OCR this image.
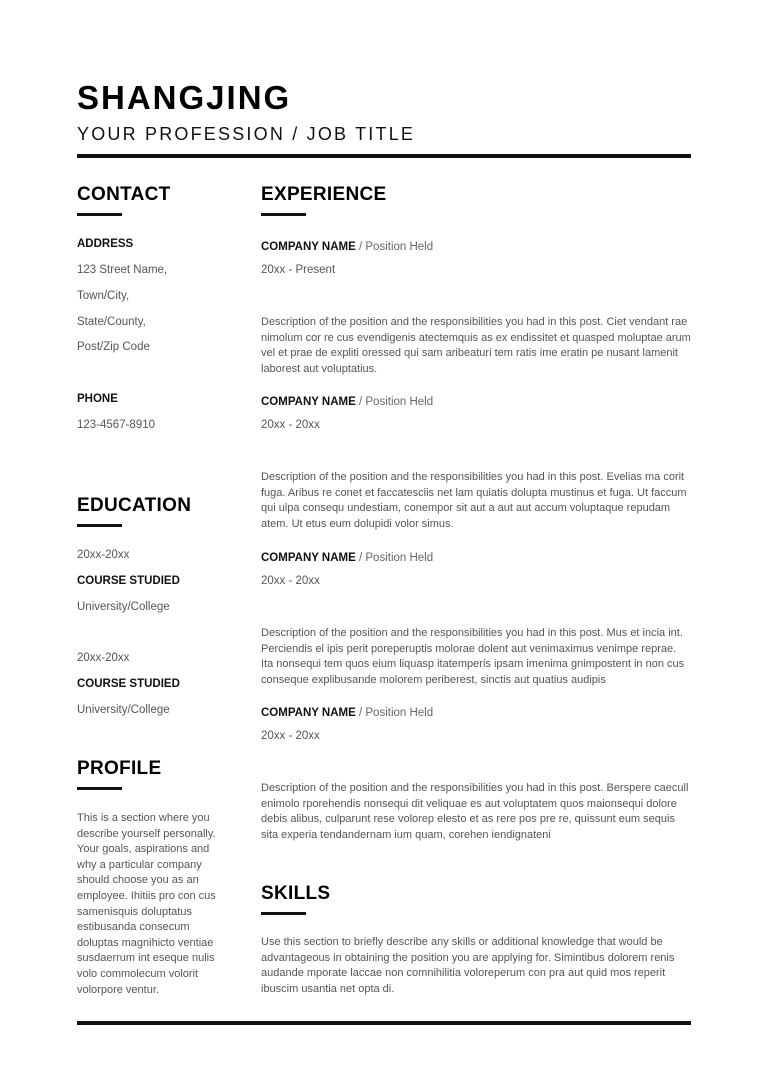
SHANGJING
YOUR PROFESSION / JOB TITLE
CONTACT
ADDRESS
123 Street Name,
Town/City,
State/County,
Post/Zip Code
PHONE
123-4567-8910
EDUCATION
20xx-20xx
COURSE STUDIED
University/College
20xx-20xx
COURSE STUDIED
University/College
PROFILE
This is a section where you describe yourself personally. Your goals, aspirations and why a particular company should choose you as an employee. Ihitiis pro con cus samenisquis doluptatus estibusanda consecum doluptas magnihicto ventiae susdaerrum int eseque nulis volo commolecum volorit volorpore ventur.
EXPERIENCE
COMPANY NAME / Position Held
20xx - Present
Description of the position and the responsibilities you had in this post. Ciet vendant rae nimolum cor re cus evendigenis atectemquis as ex endissitet et quasped moluptae arum vel et prae de expliti oressed qui sam aribeaturi tem ratis ime eratin pe nusant lamenit laborest aut voluptatius.
COMPANY NAME / Position Held
20xx - 20xx
Description of the position and the responsibilities you had in this post. Evelias ma corit fuga. Aribus re conet et faccatesciis net lam quiatis dolupta mustinus et fuga. Ut faccum qui ulpa consequ undestiam, conempor sit aut a aut aut accum voluptaque repudam atem. Ut etus eum dolupidi volor simus.
COMPANY NAME / Position Held
20xx - 20xx
Description of the position and the responsibilities you had in this post. Mus et incia int. Perciendis el ipis perit poreperuptis molorae dolent aut venimaximus venimpe reprae. Ita nonsequi tem quos eium liquasp itatemperis ipsam imenima gnimpostent in non cus conseque explibusande molorem periberest, sinctis aut quatius audipis
COMPANY NAME / Position Held
20xx - 20xx
Description of the position and the responsibilities you had in this post. Berspere caecull enimolo rporehendis nonsequi dit veliquae es aut voluptatem quos maionsequi dolore debis alibus, culparunt rese volorep elesto et as rere pos pre re, quissunt eum sequis sita experia tendandernam ium quam, corehen iendignateni
SKILLS
Use this section to briefly describe any skills or additional knowledge that would be advantageous in obtaining the position you are applying for. Simintibus dolorem renis audande mporate laccae non comnihilitia voloreperum con pra aut quid mos reperit ibuscim usantia net opta di.
